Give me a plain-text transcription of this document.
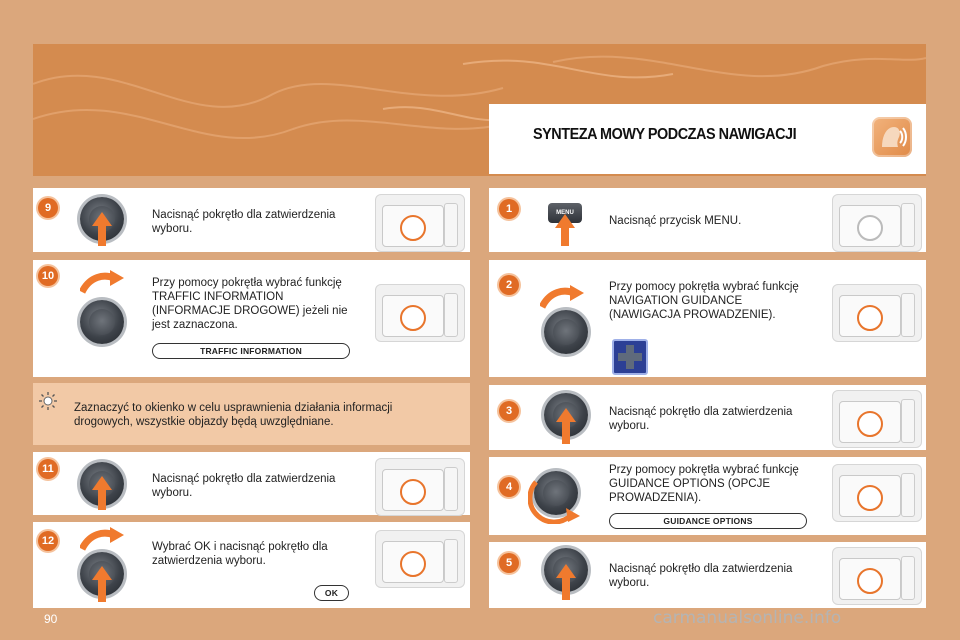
SYNTEZA MOWY PODCZAS NAWIGACJI
9
Nacisnąć pokrętło dla zatwierdzenia wyboru.
10
Przy pomocy pokrętła wybrać funkcję TRAFFIC INFORMATION (INFORMACJE DROGOWE) jeżeli nie jest zaznaczona.
TRAFFIC INFORMATION
Zaznaczyć to okienko w celu usprawnienia działania informacji drogowych, wszystkie objazdy będą uwzględniane.
11
Nacisnąć pokrętło dla zatwierdzenia wyboru.
12	Wybrać OK i nacisnąć pokrętło dla zatwierdzenia wyboru.
OK
1	MENU
Nacisnąć przycisk MENU.
2	Przy pomocy pokrętła wybrać funkcję NAVIGATION GUIDANCE (NAWIGACJA PROWADZENIE).
3	Nacisnąć pokrętło dla zatwierdzenia wyboru.
4
Przy pomocy pokrętła wybrać funkcję GUIDANCE OPTIONS (OPCJE PROWADZENIA).
GUIDANCE OPTIONS
5	Nacisnąć pokrętło dla zatwierdzenia wyboru.
90	carmanualsonline.info
